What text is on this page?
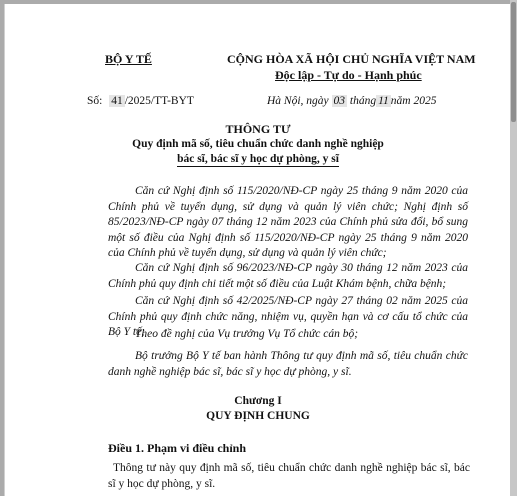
BỘ Y TẾ	CỘNG HÒA XÃ HỘI CHỦ NGHĨA VIỆT NAM
Độc lập - Tự do - Hạnh phúc
Số: 41 /2025/TT-BYT	Hà Nội, ngày 03 tháng 11 năm 2025
THÔNG TƯ
Quy định mã số, tiêu chuẩn chức danh nghề nghiệp
bác sĩ, bác sĩ y học dự phòng, y sĩ
Căn cứ Nghị định số 115/2020/NĐ-CP ngày 25 tháng 9 năm 2020 của Chính phủ về tuyển dụng, sử dụng và quản lý viên chức; Nghị định số 85/2023/NĐ-CP ngày 07 tháng 12 năm 2023 của Chính phủ sửa đổi, bổ sung một số điều của Nghị định số 115/2020/NĐ-CP ngày 25 tháng 9 năm 2020 của Chính phủ về tuyển dụng, sử dụng và quản lý viên chức;
Căn cứ Nghị định số 96/2023/NĐ-CP ngày 30 tháng 12 năm 2023 của Chính phủ quy định chi tiết một số điều của Luật Khám bệnh, chữa bệnh;
Căn cứ Nghị định số 42/2025/NĐ-CP ngày 27 tháng 02 năm 2025 của Chính phủ quy định chức năng, nhiệm vụ, quyền hạn và cơ cấu tổ chức của Bộ Y tế;
Theo đề nghị của Vụ trưởng Vụ Tổ chức cán bộ;
Bộ trưởng Bộ Y tế ban hành Thông tư quy định mã số, tiêu chuẩn chức danh nghề nghiệp bác sĩ, bác sĩ y học dự phòng, y sĩ.
Chương I
QUY ĐỊNH CHUNG
Điều 1. Phạm vi điều chỉnh
Thông tư này quy định mã số, tiêu chuẩn chức danh nghề nghiệp bác sĩ, bác sĩ y học dự phòng, y sĩ.
